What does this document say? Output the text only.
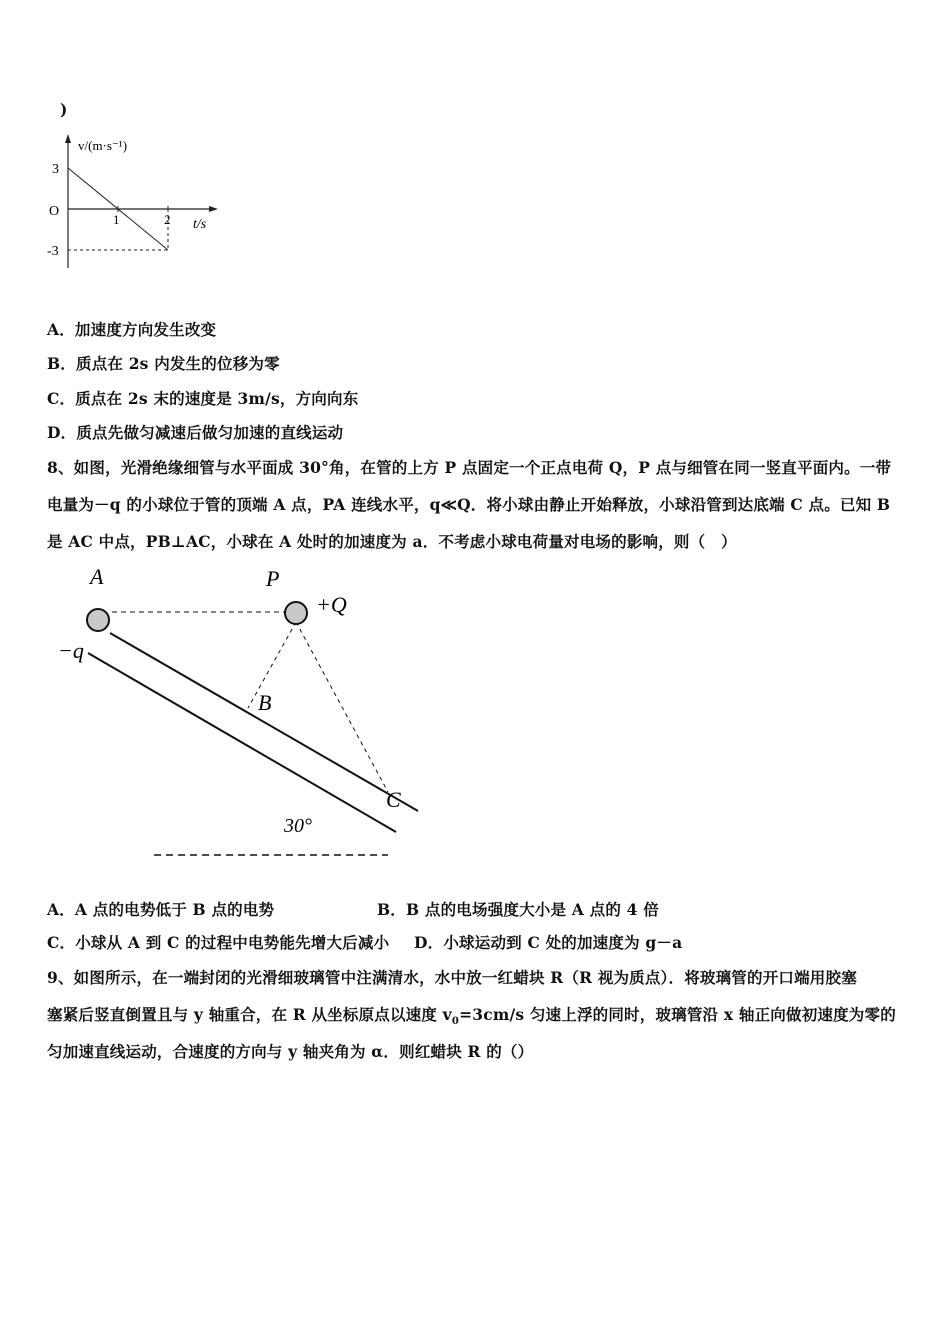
)
v/(m·s⁻¹)
3
O
-3
1	2 t/s
A．加速度方向发生改变
B．质点在 2s 内发生的位移为零
C．质点在 2s 末的速度是 3m/s，方向向东
D．质点先做匀减速后做匀加速的直线运动
8、如图，光滑绝缘细管与水平面成 30°角，在管的上方 P 点固定一个正点电荷 Q，P 点与细管在同一竖直平面内。一带
电量为－q 的小球位于管的顶端 A 点，PA 连线水平，q≪Q．将小球由静止开始释放，小球沿管到达底端 C 点。已知 B
是 AC 中点，PB⊥AC，小球在 A 处时的加速度为 a．不考虑小球电荷量对电场的影响，则（　）
A	P
+Q
−q
B
C
30°
A．A 点的电势低于 B 点的电势	B．B 点的电场强度大小是 A 点的 4 倍
C．小球从 A 到 C 的过程中电势能先增大后减小 D．小球运动到 C 处的加速度为 g－a
9、如图所示，在一端封闭的光滑细玻璃管中注满清水，水中放一红蜡块 R（R 视为质点）．将玻璃管的开口端用胶塞
塞紧后竖直倒置且与 y 轴重合，在 R 从坐标原点以速度 $v_0=3cm/s$ 匀速上浮的同时，玻璃管沿 x 轴正向做初速度为零的
匀加速直线运动，合速度的方向与 y 轴夹角为 α．则红蜡块 R 的（）
